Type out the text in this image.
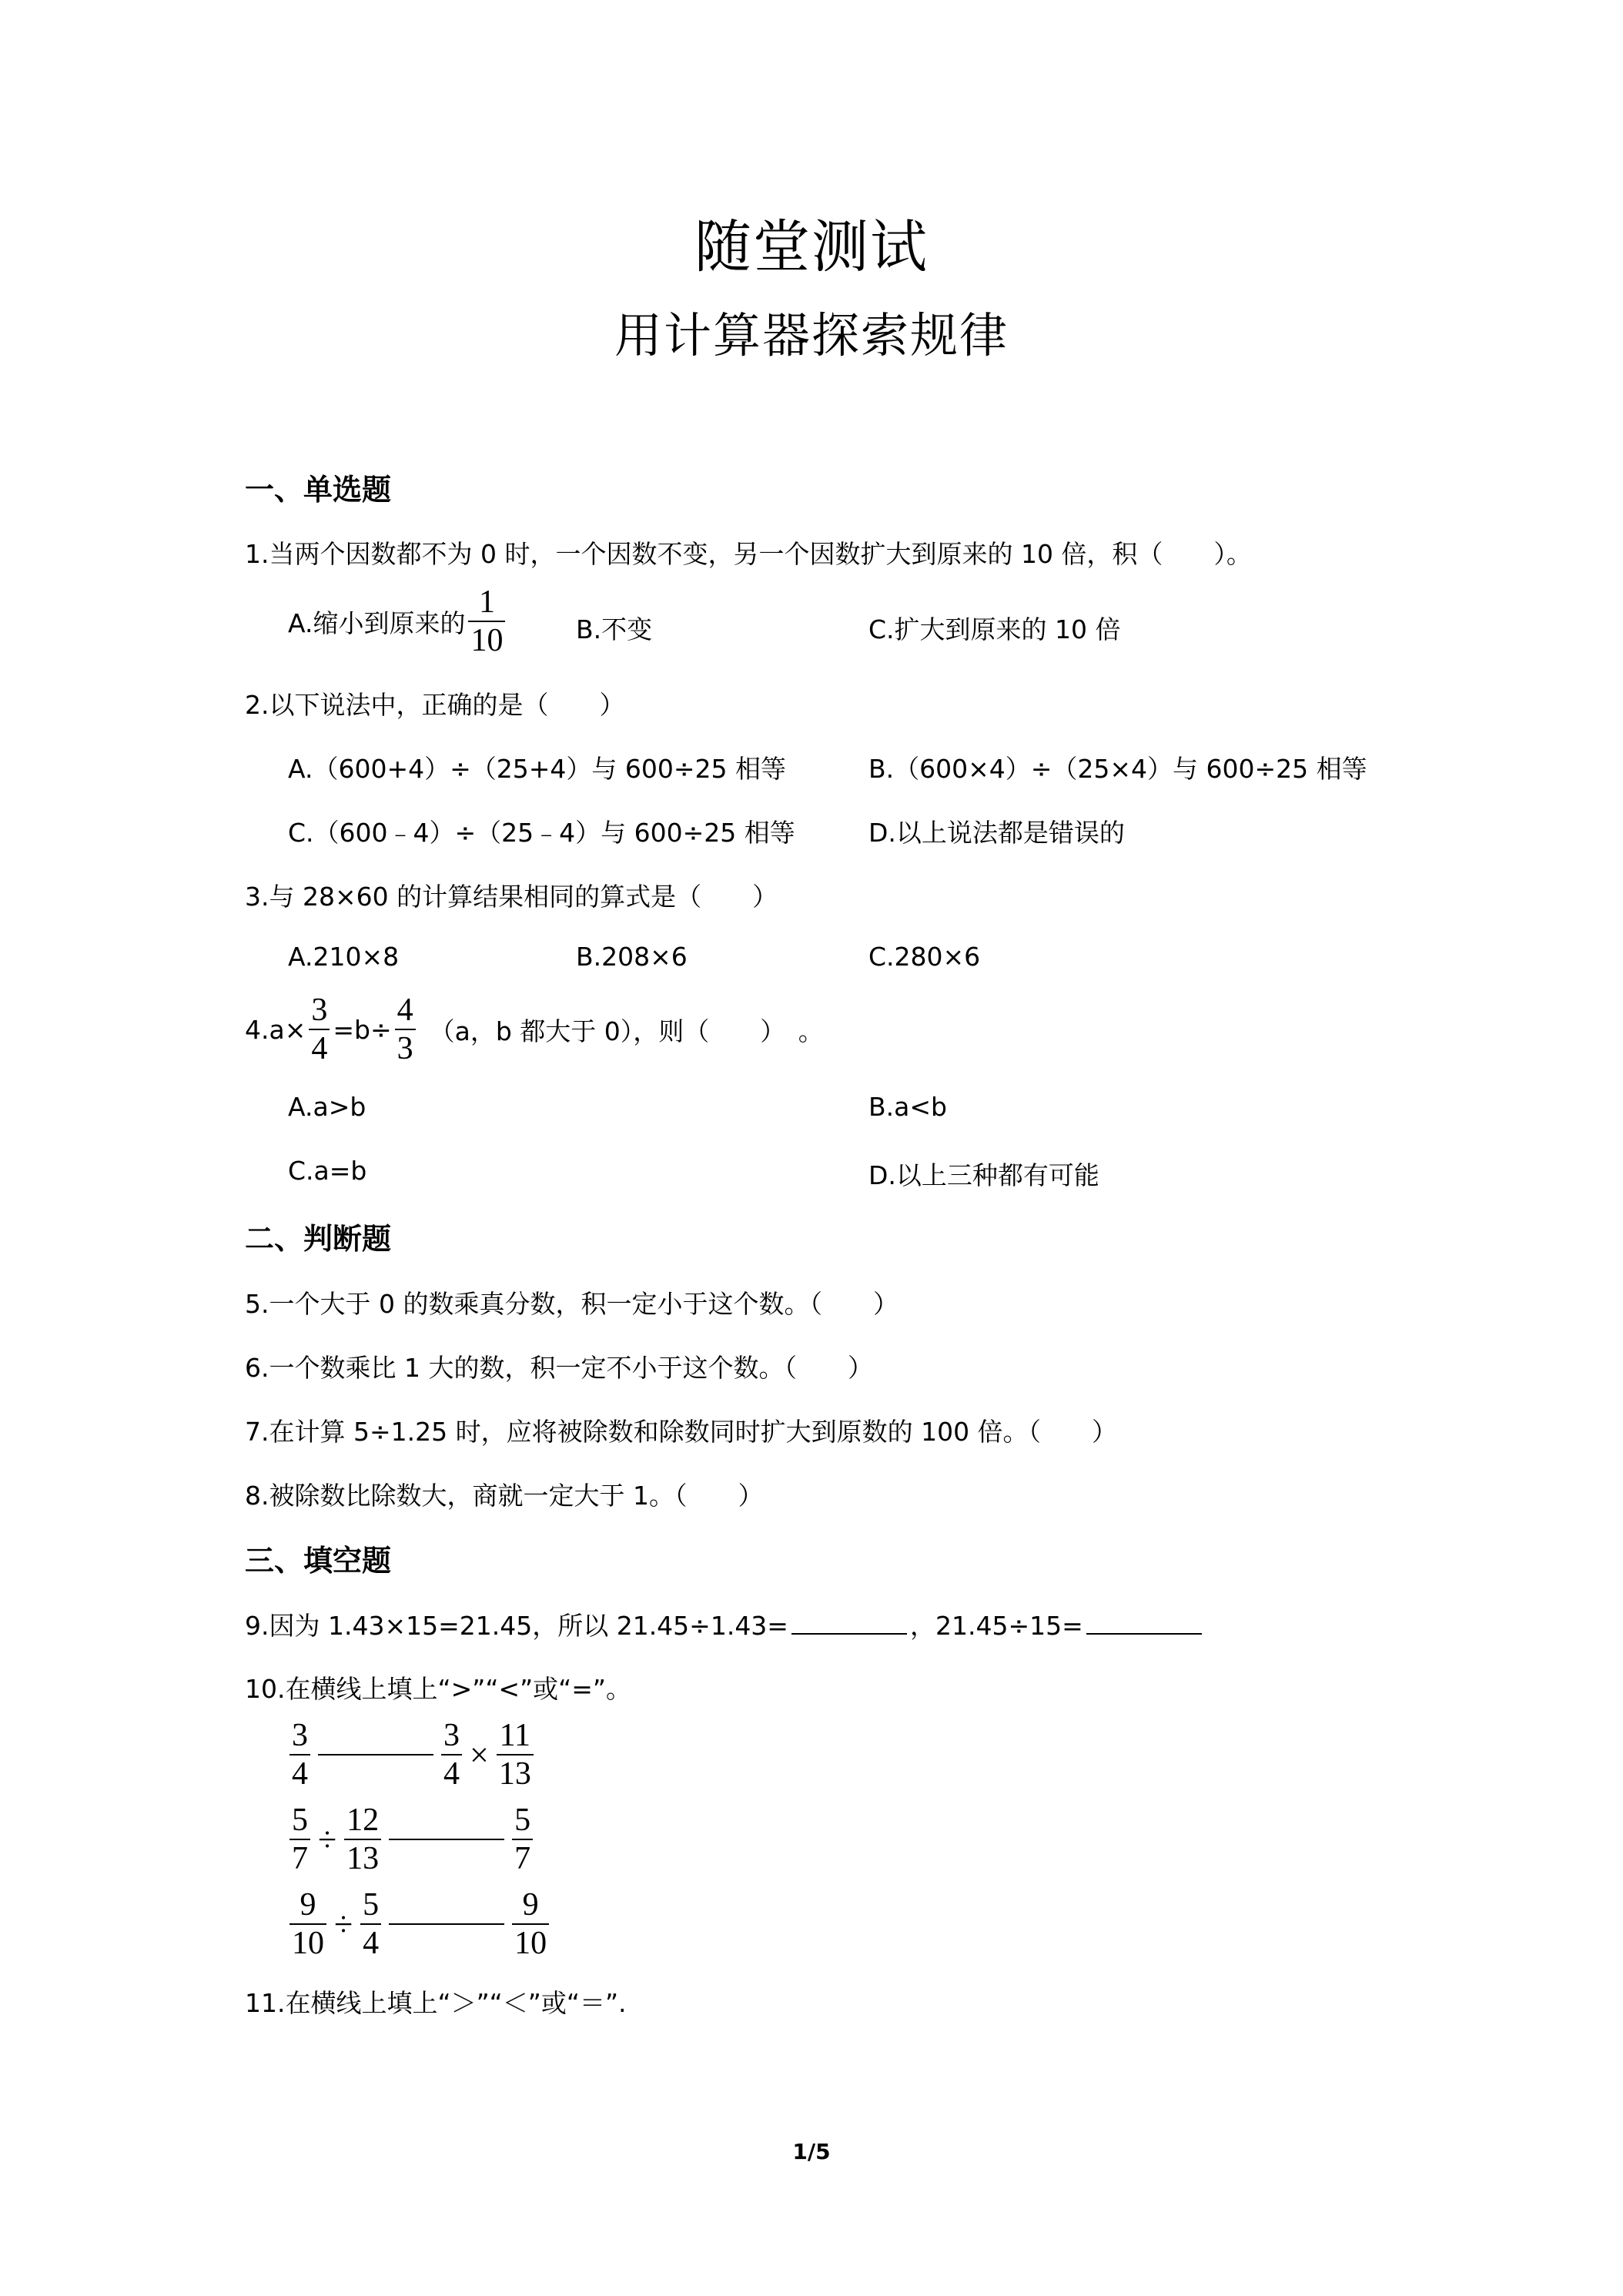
随堂测试
用计算器探索规律
一、单选题
1.当两个因数都不为 0 时，一个因数不变，另一个因数扩大到原来的 10 倍，积（　　）。
A.缩小到原来的 $\frac{1}{10}$	B.不变	C.扩大到原来的 10 倍
2.以下说法中，正确的是（　　）
A.（600+4）÷（25+4）与 600÷25 相等	B.（600×4）÷（25×4）与 600÷25 相等
C.（600﹣4）÷（25﹣4）与 600÷25 相等	D.以上说法都是错误的
3.与 28×60 的计算结果相同的算式是（　　）
A.210×8	B.208×6	C.280×6
$4.a\times \frac{3}{4} =b\div \frac{4}{3} (a$，b 都大于 0），则（　　）　。
A.a>b	B.a<b
C.a=b	D.以上三种都有可能
二、判断题
5.一个大于 0 的数乘真分数，积一定小于这个数。（　　）
6.一个数乘比 1 大的数，积一定不小于这个数。（　　）
7.在计算 5÷1.25 时，应将被除数和除数同时扩大到原数的 100 倍。（　　）
8.被除数比除数大，商就一定大于 1。（　　）
三、填空题
9.因为 1.43×15=21.45，所以 21.45÷1.43=	，21.45÷15=
10.在横线上填上“>”“<”或“=”。
$\frac{3}{4}$	$\frac{3}{4} \times \frac{11}{13}$
$\frac{5}{7} \div \frac{12}{13}$	$\frac{5}{7}$
$\frac{9}{10} \div \frac{5}{4}$	$\frac{9}{10}$
11.在横线上填上“＞”“＜”或“＝”.
1/5
